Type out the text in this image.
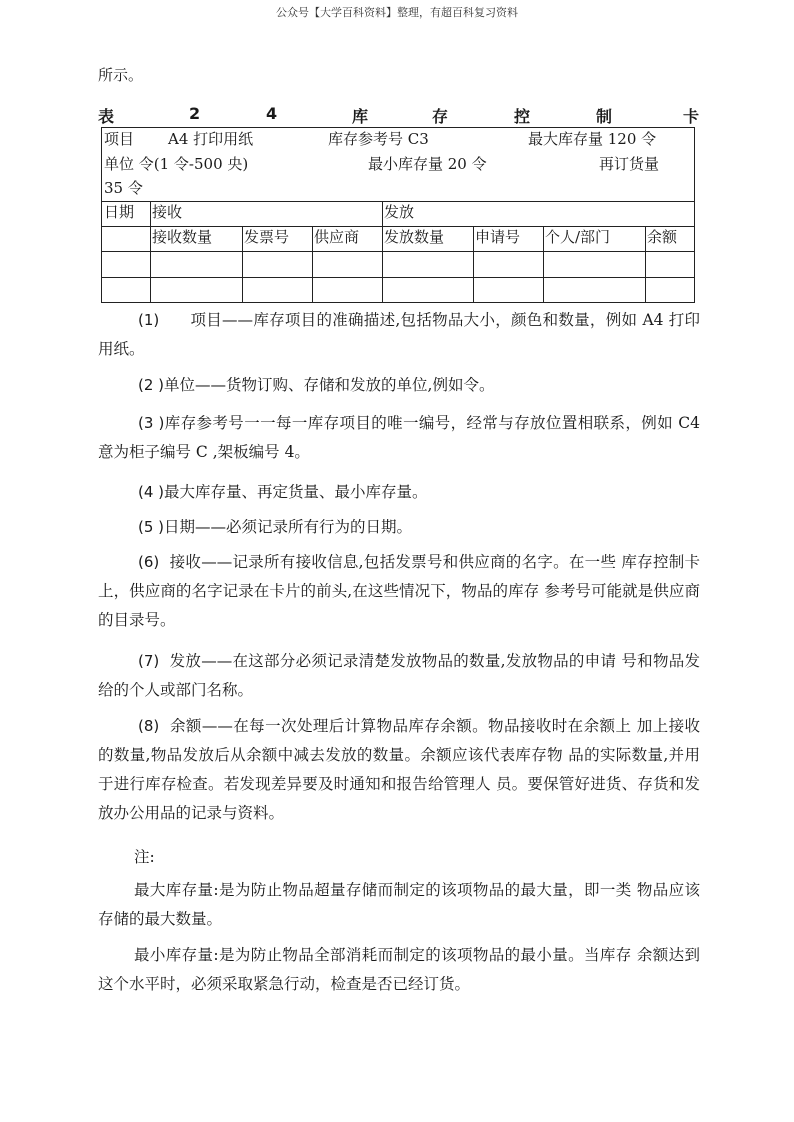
公众号【大学百科资料】整理，有超百科复习资料
所示。
表	2	4	库	存	控	制	卡
项目 A4 打印用纸	库存参考号 C3	最大库存量 120 令
单位 令(1 令-500 央)	最小库存量 20 令	再订货量
35 令
日期 接收	发放
接收数量 发票号 供应商 发放数量 申请号 个人/部门 余额
(1) 项目——库存项目的准确描述,包括物品大小，颜色和数量，例如 A4 打印用纸。
(2 )单位——货物订购、存储和发放的单位,例如令。
(3 )库存参考号一一每一库存项目的唯一编号，经常与存放位置相联系，例如 C4 意为柜子编号 C ,架板编号 4。
(4 )最大库存量、再定货量、最小库存量。
(5 )日期——必须记录所有行为的日期。
(6) 接收——记录所有接收信息,包括发票号和供应商的名字。在一些 库存控制卡上，供应商的名字记录在卡片的前头,在这些情况下，物品的库存 参考号可能就是供应商的目录号。
(7) 发放——在这部分必须记录清楚发放物品的数量,发放物品的申请 号和物品发给的个人或部门名称。
(8) 余额——在每一次处理后计算物品库存余额。物品接收时在余额上 加上接收的数量,物品发放后从余额中减去发放的数量。余额应该代表库存物 品的实际数量,并用于进行库存检查。若发现差异要及时通知和报告给管理人 员。要保管好进货、存货和发放办公用品的记录与资料。
注:
最大库存量:是为防止物品超量存储而制定的该项物品的最大量，即一类 物品应该存储的最大数量。
最小库存量:是为防止物品全部消耗而制定的该项物品的最小量。当库存 余额达到这个水平时，必须采取紧急行动，检查是否已经订货。
